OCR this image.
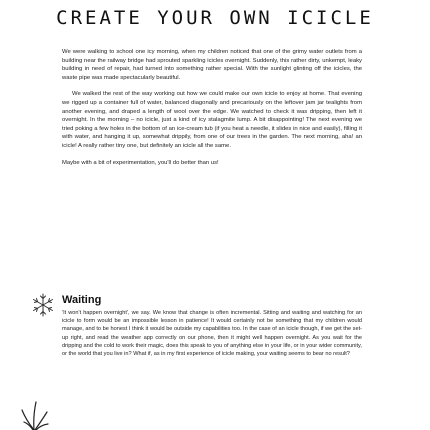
CREATE YOUR OWN ICICLE

We were walking to school one icy morning, when my children noticed that one of the grimy water outlets from a building near the railway bridge had sprouted sparkling icicles overnight. Suddenly, this rather dirty, unkempt, leaky building in need of repair, had turned into something rather special. With the sunlight glinting off the icicles, the waste pipe was made spectacularly beautiful.

We walked the rest of the way working out how we could make our own icicle to enjoy at home. That evening we rigged up a container full of water, balanced diagonally and precariously on the leftover jam jar tealights from another evening, and draped a length of wool over the edge. We watched to check it was dripping, then left it overnight. In the morning – no icicle, just a kind of icy stalagmite lump. A bit disappointing! The next evening we tried poking a few holes in the bottom of an ice-cream tub (if you heat a needle, it slides in nice and easily), filling it with water, and hanging it up, somewhat drippily, from one of our trees in the garden. The next morning, aha! an icicle! A really rather tiny one, but definitely an icicle all the same.

Maybe with a bit of experimentation, you'll do better than us!

Waiting

'It won't happen overnight', we say. We know that change is often incremental. Sitting and waiting and watching for an icicle to form would be an impossible lesson in patience! It would certainly not be something that my children would manage, and to be honest I think it would be outside my capabilities too. In the case of an icicle though, if we get the set-up right, and read the weather app correctly on our phone, then it might well happen overnight. As you wait for the dripping and the cold to work their magic, does this speak to you of anything else in your life, or in your wider community, or the world that you live in? What if, as in my first experience of icicle making, your waiting seems to bear no result?
